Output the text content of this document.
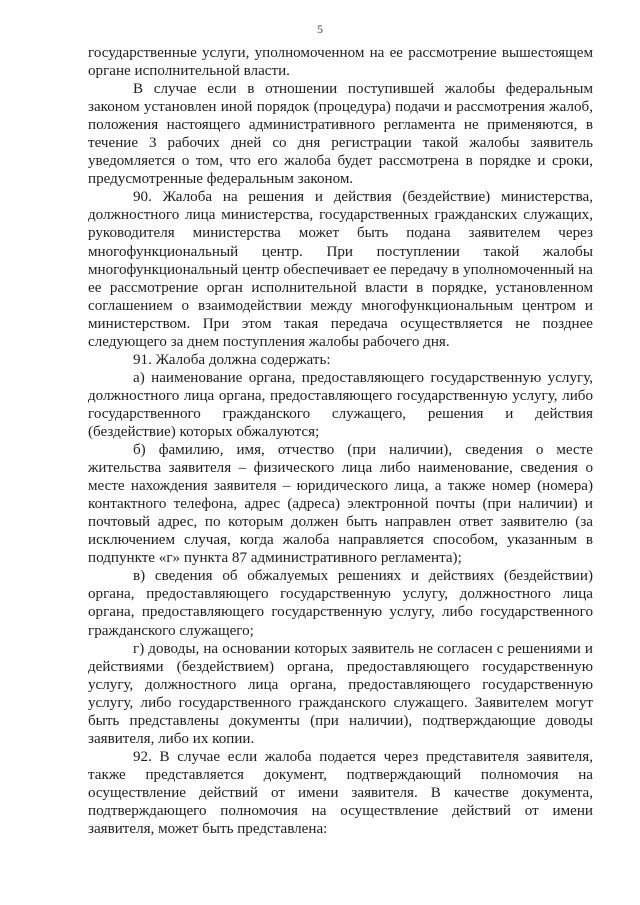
5

государственные услуги, уполномоченном на ее рассмотрение вышестоящем органе исполнительной власти.

В случае если в отношении поступившей жалобы федеральным законом установлен иной порядок (процедура) подачи и рассмотрения жалоб, положения настоящего административного регламента не применяются, в течение 3 рабочих дней со дня регистрации такой жалобы заявитель уведомляется о том, что его жалоба будет рассмотрена в порядке и сроки, предусмотренные федеральным законом.

90. Жалоба на решения и действия (бездействие) министерства, должностного лица министерства, государственных гражданских служащих, руководителя министерства может быть подана заявителем через многофункциональный центр. При поступлении такой жалобы многофункциональный центр обеспечивает ее передачу в уполномоченный на ее рассмотрение орган исполнительной власти в порядке, установленном соглашением о взаимодействии между многофункциональным центром и министерством. При этом такая передача осуществляется не позднее следующего за днем поступления жалобы рабочего дня.

91. Жалоба должна содержать:

а) наименование органа, предоставляющего государственную услугу, должностного лица органа, предоставляющего государственную услугу, либо государственного гражданского служащего, решения и действия (бездействие) которых обжалуются;

б) фамилию, имя, отчество (при наличии), сведения о месте жительства заявителя – физического лица либо наименование, сведения о месте нахождения заявителя – юридического лица, а также номер (номера) контактного телефона, адрес (адреса) электронной почты (при наличии) и почтовый адрес, по которым должен быть направлен ответ заявителю (за исключением случая, когда жалоба направляется способом, указанным в подпункте «г» пункта 87 административного регламента);

в) сведения об обжалуемых решениях и действиях (бездействии) органа, предоставляющего государственную услугу, должностного лица органа, предоставляющего государственную услугу, либо государственного гражданского служащего;

г) доводы, на основании которых заявитель не согласен с решениями и действиями (бездействием) органа, предоставляющего государственную услугу, должностного лица органа, предоставляющего государственную услугу, либо государственного гражданского служащего. Заявителем могут быть представлены документы (при наличии), подтверждающие доводы заявителя, либо их копии.

92. В случае если жалоба подается через представителя заявителя, также представляется документ, подтверждающий полномочия на осуществление действий от имени заявителя. В качестве документа, подтверждающего полномочия на осуществление действий от имени заявителя, может быть представлена:
